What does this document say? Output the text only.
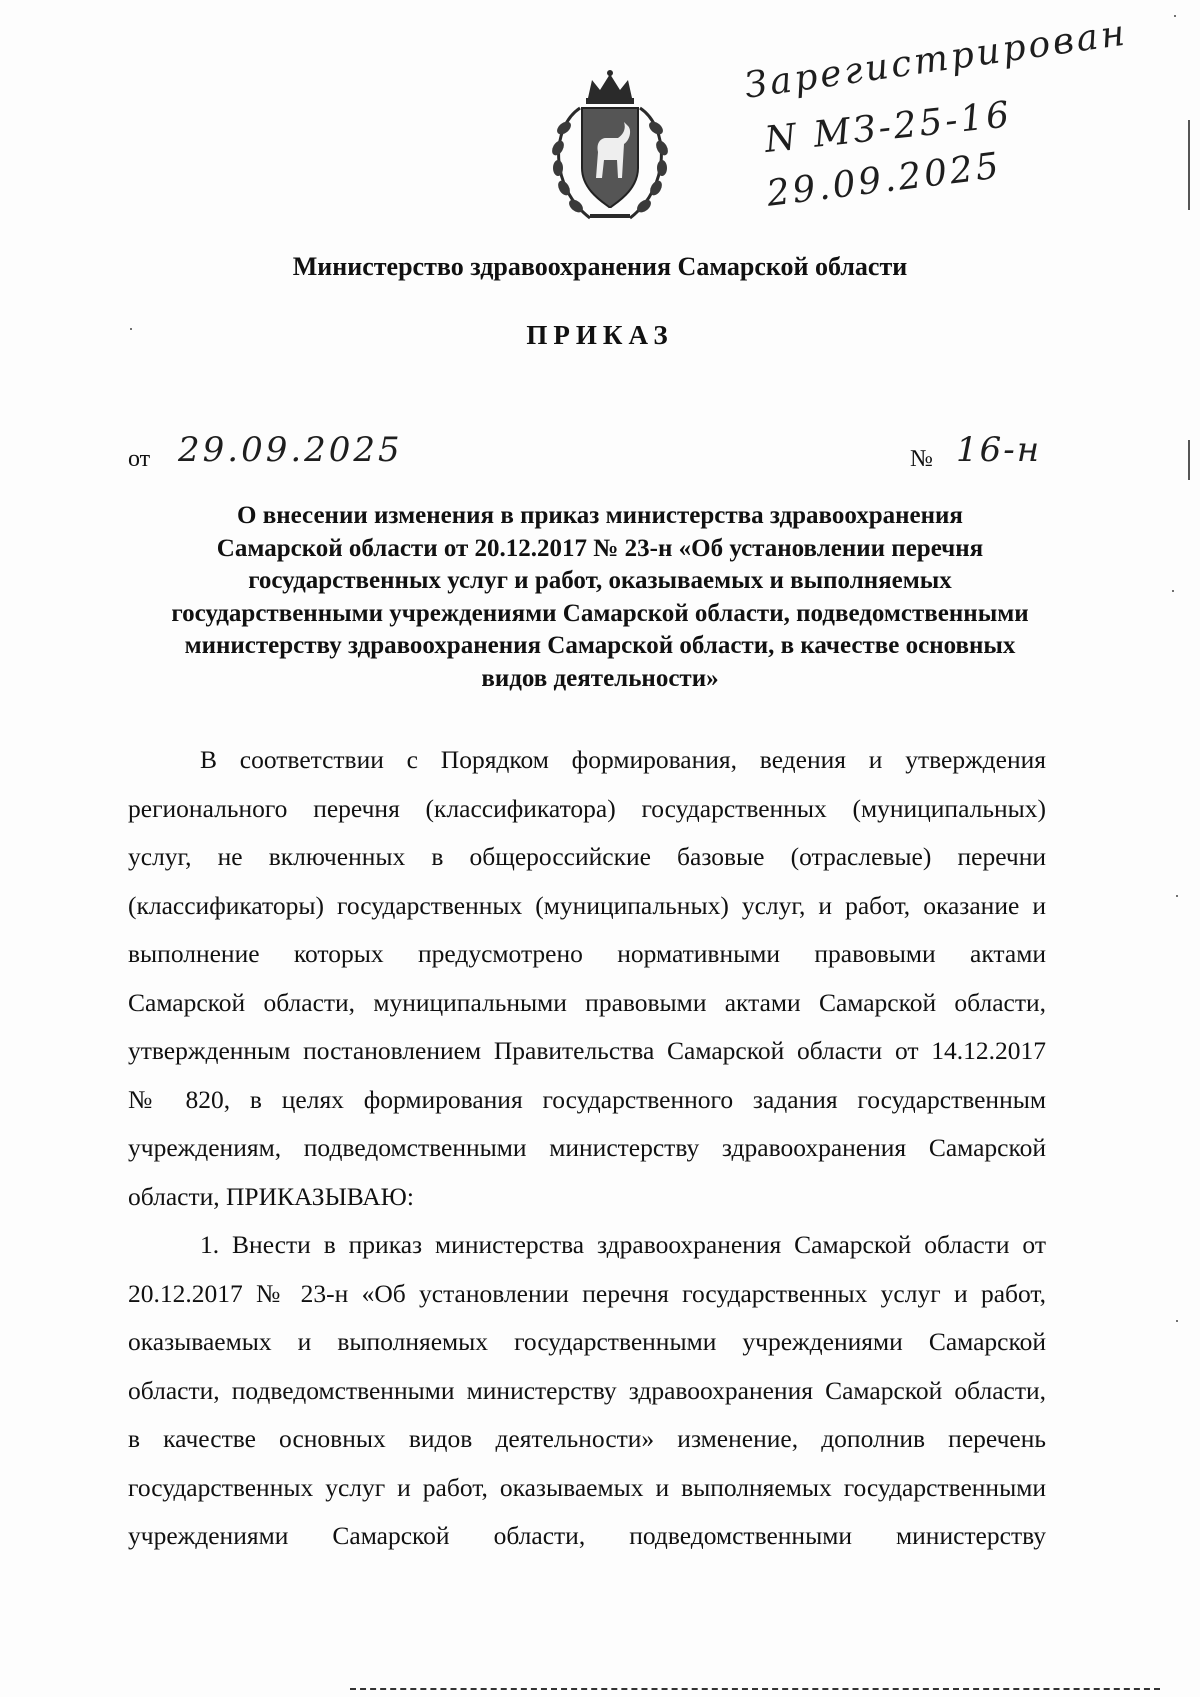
Зарегистрирован
N МЗ-25-16
29.09.2025
Министерство здравоохранения Самарской области
ПРИКАЗ
от 29.09.2025	№ 16-н
О внесении изменения в приказ министерства здравоохранения
Самарской области от 20.12.2017 № 23-н «Об установлении перечня
государственных услуг и работ, оказываемых и выполняемых
государственными учреждениями Самарской области, подведомственными
министерству здравоохранения Самарской области, в качестве основных
видов деятельности»
В соответствии с Порядком формирования, ведения и утверждения
регионального перечня (классификатора) государственных (муниципальных)
услуг, не включенных в общероссийские базовые (отраслевые) перечни
(классификаторы) государственных (муниципальных) услуг, и работ, оказание и
выполнение которых предусмотрено нормативными правовыми актами
Самарской области, муниципальными правовыми актами Самарской области,
утвержденным постановлением Правительства Самарской области от 14.12.2017
№ 820, в целях формирования государственного задания государственным
учреждениям, подведомственными министерству здравоохранения Самарской
области, ПРИКАЗЫВАЮ:
1. Внести в приказ министерства здравоохранения Самарской области от
20.12.2017 № 23-н «Об установлении перечня государственных услуг и работ,
оказываемых и выполняемых государственными учреждениями Самарской
области, подведомственными министерству здравоохранения Самарской области,
в качестве основных видов деятельности» изменение, дополнив перечень
государственных услуг и работ, оказываемых и выполняемых государственными
учреждениями Самарской области, подведомственными министерству
